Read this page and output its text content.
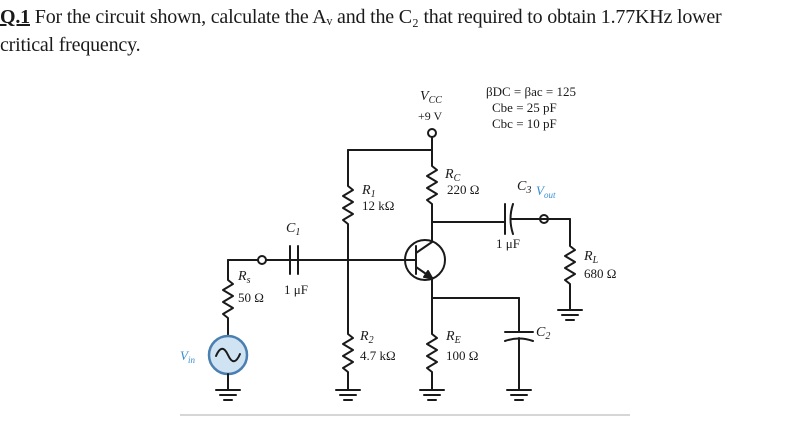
Q.1 For the circuit shown, calculate the Aᵥ and the C₂ that required to obtain 1.77KHz lower
critical frequency.
$V_{CC}$
+9 V
βDC = βac = 125
Cbe = 25 pF
Cbc = 10 pF
$R_C$
220 Ω
$R_1$
12 kΩ
$C_1$
1 μF
$C_3$
1 μF
$V_{out}$
$R_L$
680 Ω
$R_s$
50 Ω
$R_2$
4.7 kΩ
$R_E$
100 Ω
$C_2$
$V_{in}$
